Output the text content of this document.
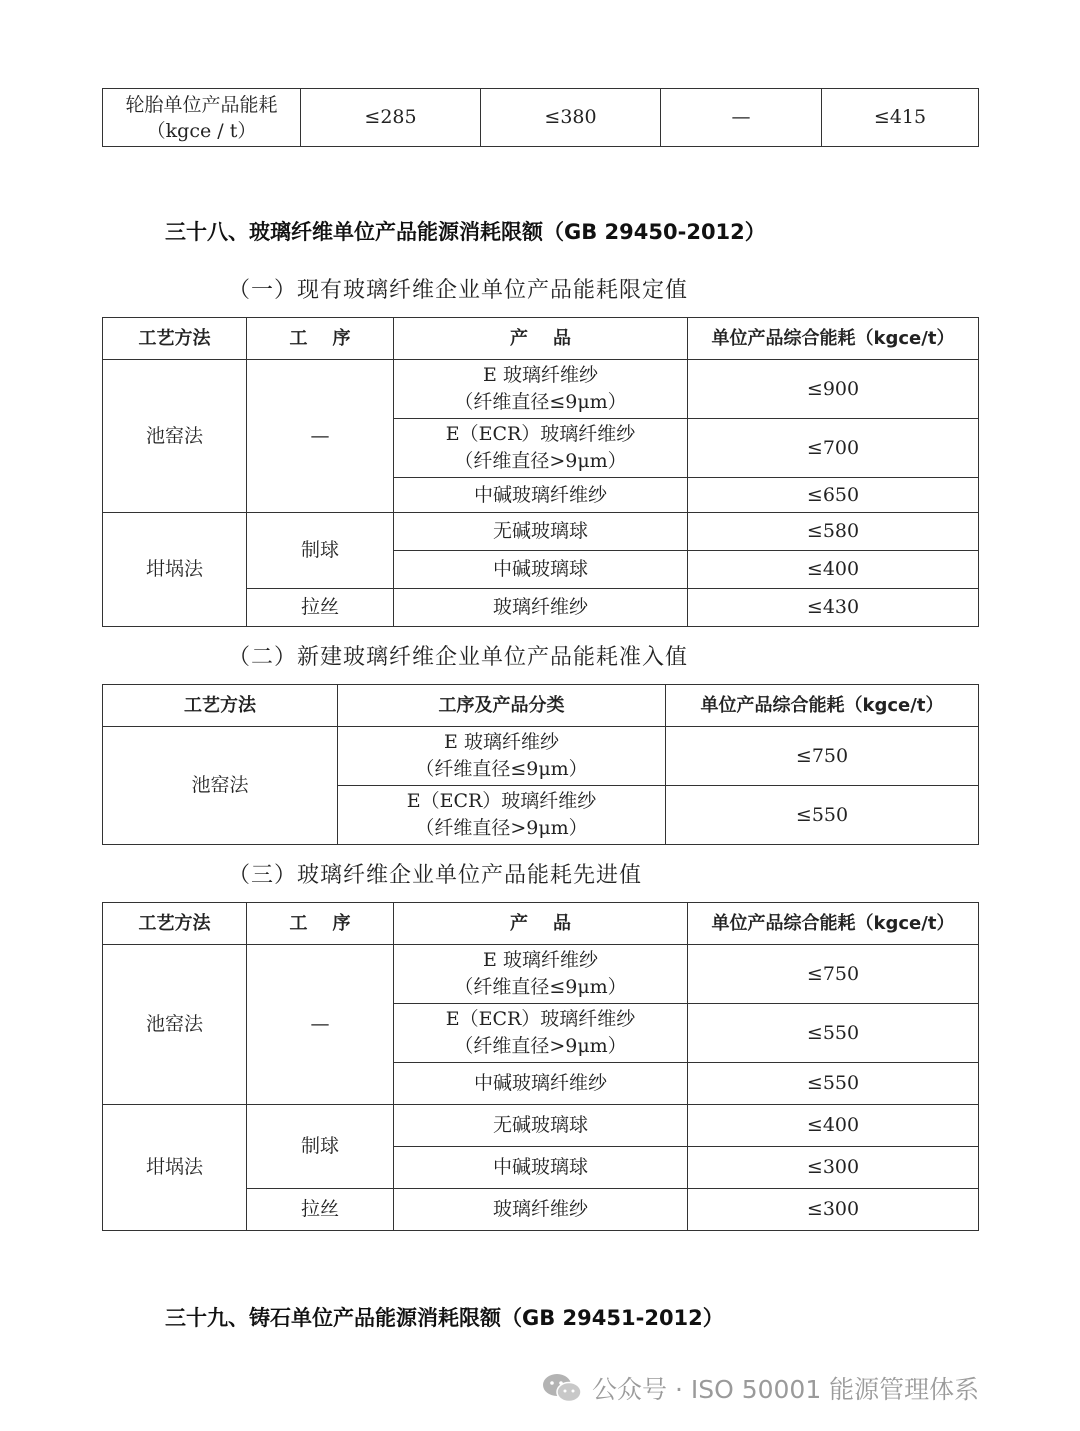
轮胎单位产品能耗
（kgce / t）
	≤285	≤380	—	≤415
三十八、玻璃纤维单位产品能源消耗限额（GB 29450-2012）
（一）现有玻璃纤维企业单位产品能耗限定值
工艺方法	工    序	产    品	单位产品综合能耗（kgce/t）
池窑法	—	E 玻璃纤维纱
（纤维直径≤9μm）	≤900

		E（ECR）玻璃纤维纱
（纤维直径>9μm）	≤700
		中碱玻璃纤维纱	≤650
坩埚法	制球	无碱玻璃球	≤580
		中碱玻璃球	≤400
	拉丝	玻璃纤维纱	≤430
（二）新建玻璃纤维企业单位产品能耗准入值
工艺方法	工序及产品分类	单位产品综合能耗（kgce/t）
池窑法	E 玻璃纤维纱
（纤维直径≤9μm）	≤750

	E（ECR）玻璃纤维纱
（纤维直径>9μm）	≤550
（三）玻璃纤维企业单位产品能耗先进值
工艺方法	工    序	产    品	单位产品综合能耗（kgce/t）
池窑法	—	E 玻璃纤维纱
（纤维直径≤9μm）	≤750

		E（ECR）玻璃纤维纱
（纤维直径>9μm）	≤550
		中碱玻璃纤维纱	≤550
坩埚法	制球	无碱玻璃球	≤400
		中碱玻璃球	≤300
	拉丝	玻璃纤维纱	≤300
三十九、铸石单位产品能源消耗限额（GB 29451-2012）
公众号 · ISO 50001 能源管理体系
